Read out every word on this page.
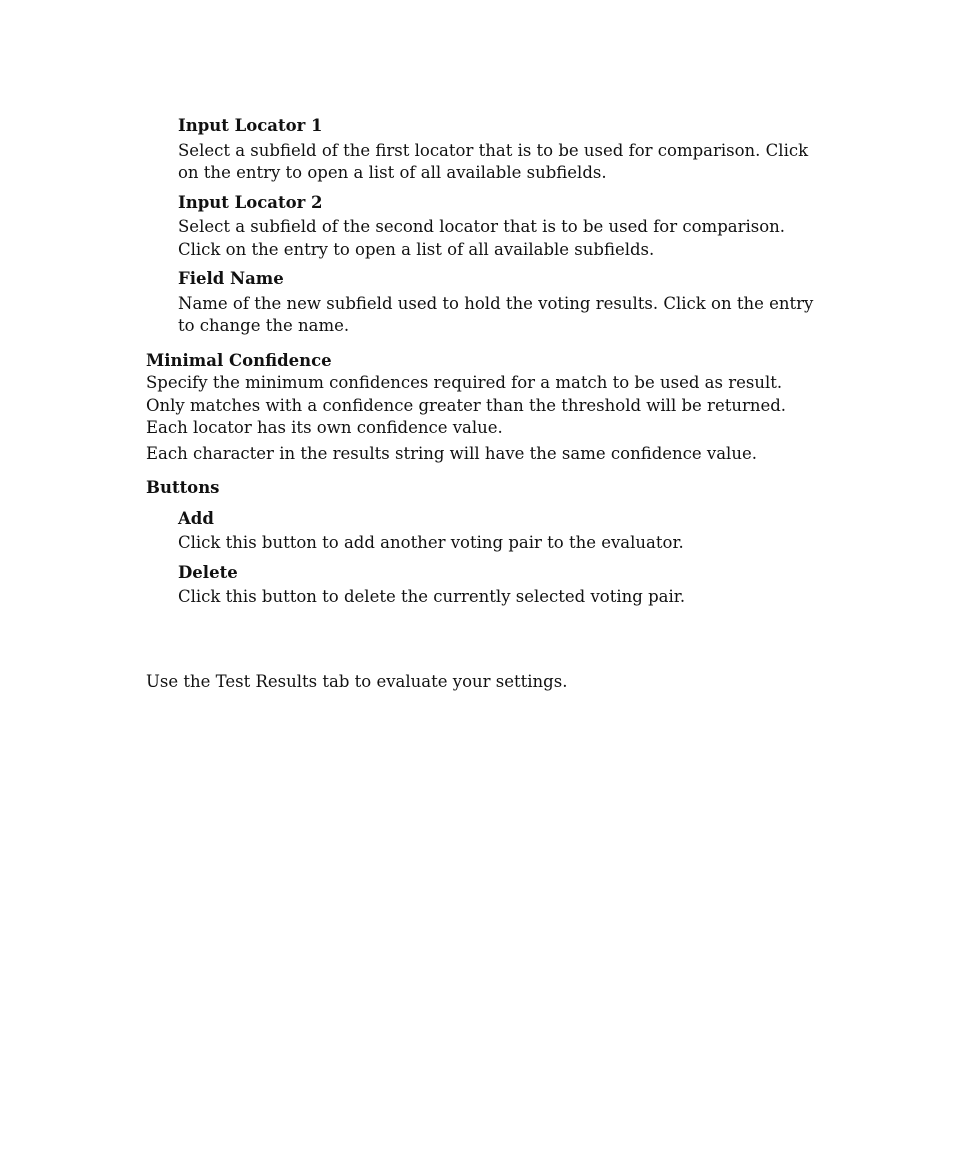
Input Locator 1

Select a subfield of the first locator that is to be used for comparison. Click on the entry to open a list of all available subfields.

Input Locator 2

Select a subfield of the second locator that is to be used for comparison. Click on the entry to open a list of all available subfields.

Field Name

Name of the new subfield used to hold the voting results. Click on the entry to change the name.

Minimal Confidence

Specify the minimum confidences required for a match to be used as result. Only matches with a confidence greater than the threshold will be returned. Each locator has its own confidence value.

Each character in the results string will have the same confidence value.

Buttons

Add

Click this button to add another voting pair to the evaluator.

Delete

Click this button to delete the currently selected voting pair.

Use the Test Results tab to evaluate your settings.
